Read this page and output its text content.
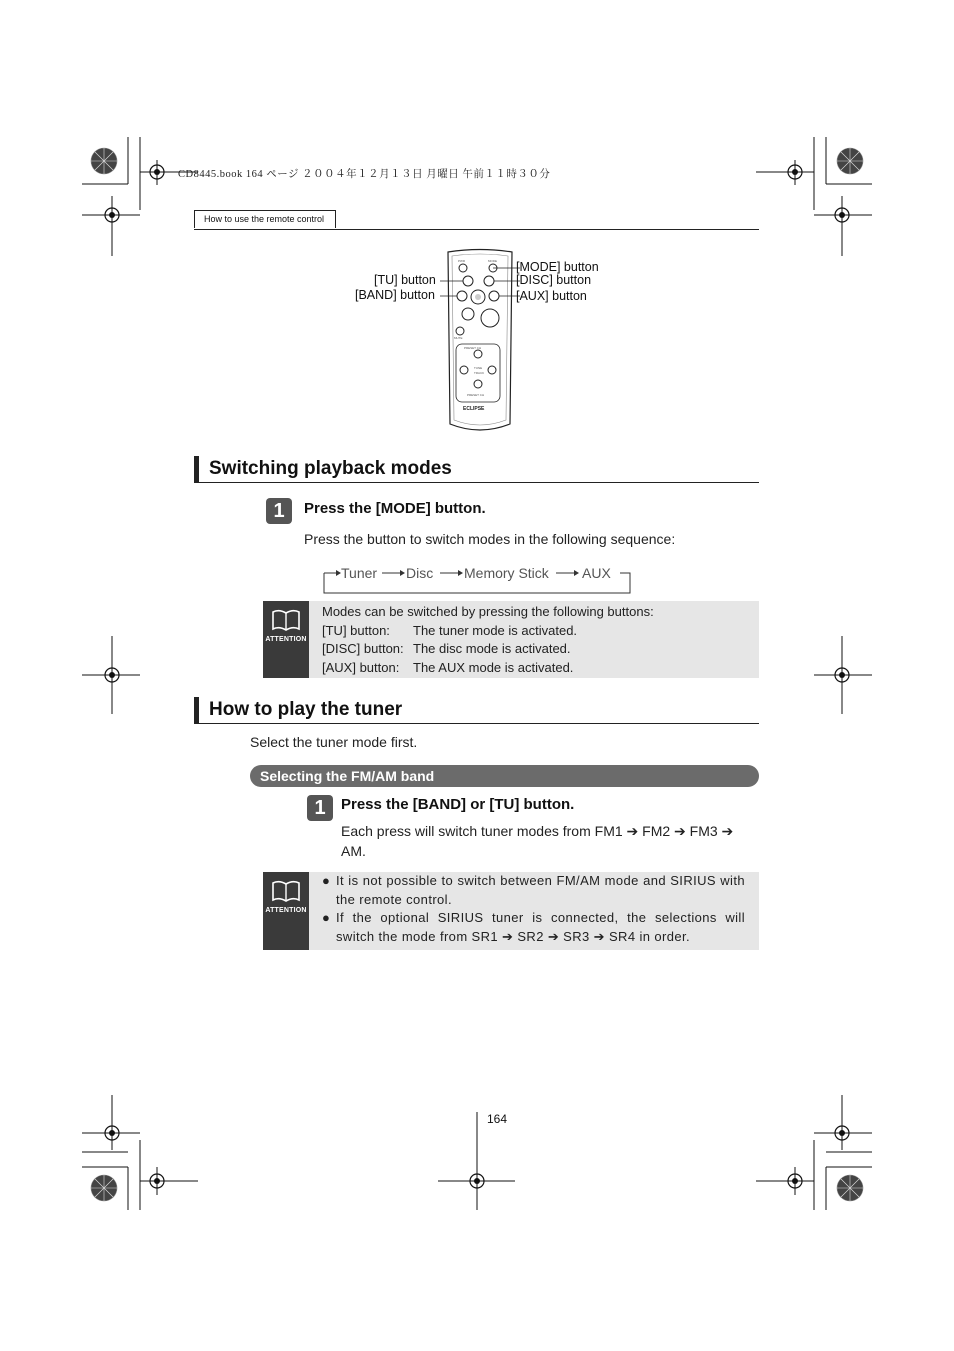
CD8445.book 164 ページ ２００４年１２月１３日 月曜日 午前１１時３０分
How to use the remote control
PWR	MODE
PRESET CH
PRESET CH
TUNE
TRACK
MUTE
ECLIPSE
[MODE] button
[TU] button	[DISC] button
[BAND] button	[AUX] button
Switching playback modes
1	Press the [MODE] button.
Press the button to switch modes in the following sequence:
Tuner Disc Memory Stick AUX
ATTENTION
Modes can be switched by pressing the following buttons:
[TU] button: The tuner mode is activated.
[DISC] button: The disc mode is activated.
[AUX] button: The AUX mode is activated.
How to play the tuner
Select the tuner mode first.
Selecting the FM/AM band
1	Press the [BAND] or [TU] button.
Each press will switch tuner modes from FM1 ➔ FM2 ➔ FM3 ➔ AM.
ATTENTION
● It is not possible to switch between FM/AM mode and SIRIUS with the remote control.
● If the optional SIRIUS tuner is connected, the selections will switch the mode from SR1 ➔ SR2 ➔ SR3 ➔ SR4 in order.
164
